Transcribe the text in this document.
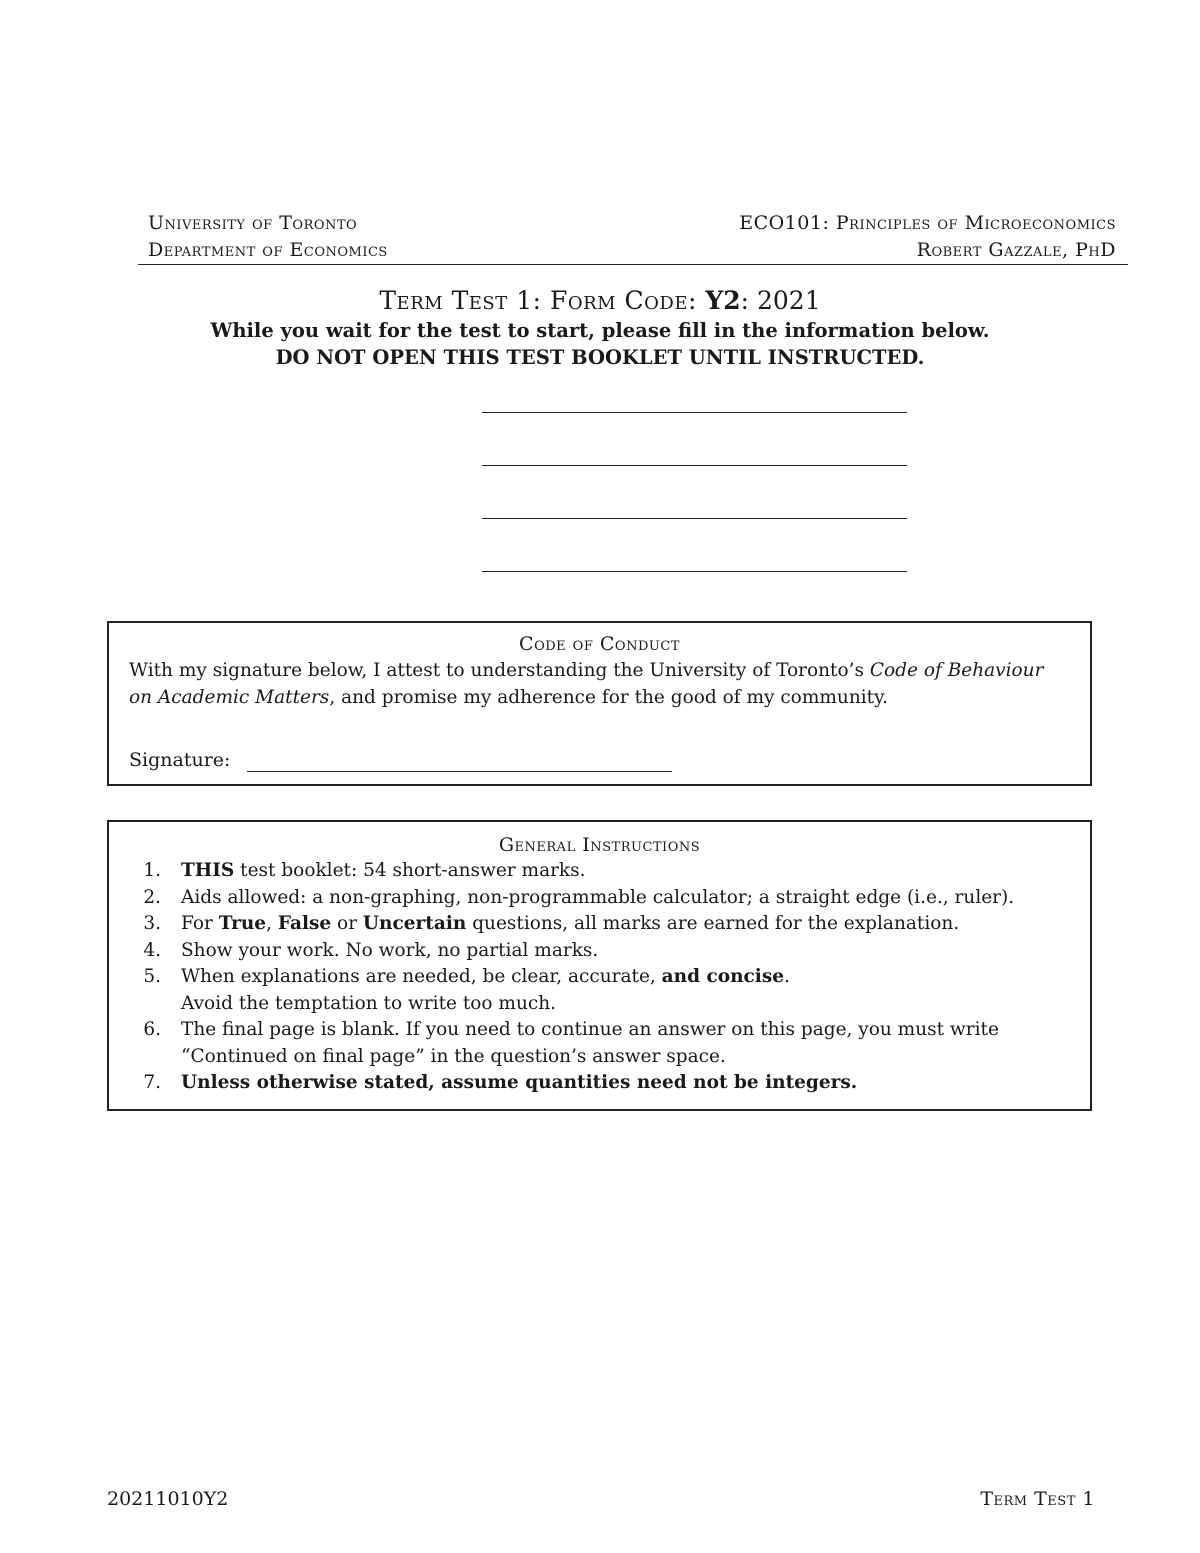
University of Toronto	ECO101: Principles of Microeconomics
Department of Economics	Robert Gazzale, PhD
Term Test 1: Form Code: Y2: 2021
While you wait for the test to start, please fill in the information below.
DO NOT OPEN THIS TEST BOOKLET UNTIL INSTRUCTED.
Code of Conduct
With my signature below, I attest to understanding the University of Toronto’s Code of Behaviour on Academic Matters, and promise my adherence for the good of my community.
Signature:
General Instructions
1. THIS test booklet: 54 short-answer marks.
2. Aids allowed: a non-graphing, non-programmable calculator; a straight edge (i.e., ruler).
3. For True, False or Uncertain questions, all marks are earned for the explanation.
4. Show your work. No work, no partial marks.
5. When explanations are needed, be clear, accurate, and concise.
Avoid the temptation to write too much.
6. The final page is blank. If you need to continue an answer on this page, you must write
“Continued on final page” in the question’s answer space.
7. Unless otherwise stated, assume quantities need not be integers.
20211010Y2	Term Test 1
